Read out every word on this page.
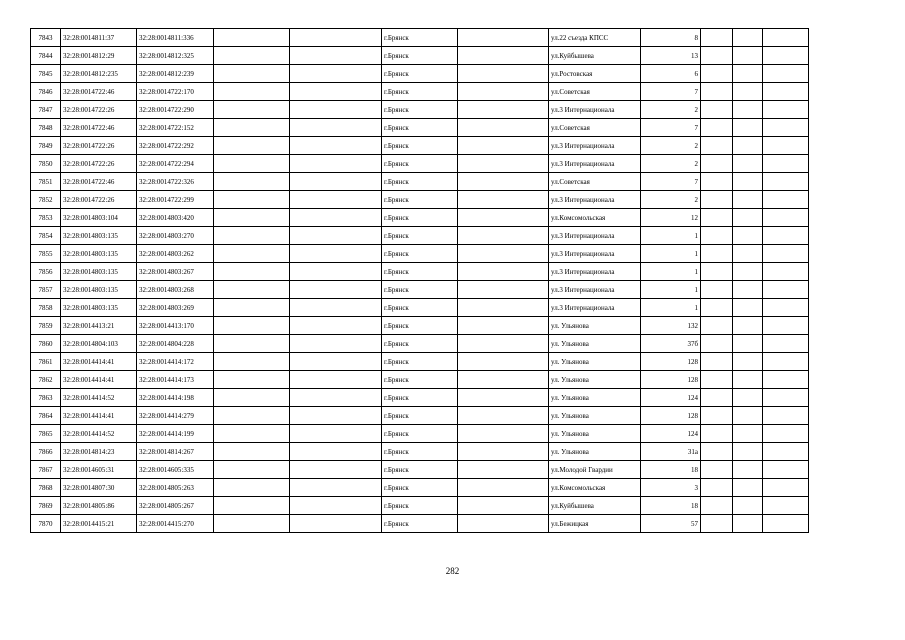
7843	32:28:0014811:37	32:28:0014811:336			г.Брянск		ул.22 съезда КПСС	8			
7844	32:28:0014812:29	32:28:0014812:325			г.Брянск		ул.Куйбышева	13			
7845	32:28:0014812:235	32:28:0014812:239			г.Брянск		ул.Ростовская	6			
7846	32:28:0014722:46	32:28:0014722:170			г.Брянск		ул.Советская	7			
7847	32:28:0014722:26	32:28:0014722:290			г.Брянск		ул.3 Интернационала	2			
7848	32:28:0014722:46	32:28:0014722:152			г.Брянск		ул.Советская	7			
7849	32:28:0014722:26	32:28:0014722:292			г.Брянск		ул.3 Интернационала	2			
7850	32:28:0014722:26	32:28:0014722:294			г.Брянск		ул.3 Интернационала	2			
7851	32:28:0014722:46	32:28:0014722:326			г.Брянск		ул.Советская	7			
7852	32:28:0014722:26	32:28:0014722:299			г.Брянск		ул.3 Интернационала	2			
7853	32:28:0014803:104	32:28:0014803:420			г.Брянск		ул.Комсомольская	12			
7854	32:28:0014803:135	32:28:0014803:270			г.Брянск		ул.3 Интернационала	1			
7855	32:28:0014803:135	32:28:0014803:262			г.Брянск		ул.3 Интернационала	1			
7856	32:28:0014803:135	32:28:0014803:267			г.Брянск		ул.3 Интернационала	1			
7857	32:28:0014803:135	32:28:0014803:268			г.Брянск		ул.3 Интернационала	1			
7858	32:28:0014803:135	32:28:0014803:269			г.Брянск		ул.3 Интернационала	1			
7859	32:28:0014413:21	32:28:0014413:170			г.Брянск		ул. Ульянова	132			
7860	32:28:0014804:103	32:28:0014804:228			г.Брянск		ул. Ульянова	37б			
7861	32:28:0014414:41	32:28:0014414:172			г.Брянск		ул. Ульянова	128			
7862	32:28:0014414:41	32:28:0014414:173			г.Брянск		ул. Ульянова	128			
7863	32:28:0014414:52	32:28:0014414:198			г.Брянск		ул. Ульянова	124			
7864	32:28:0014414:41	32:28:0014414:279			г.Брянск		ул. Ульянова	128			
7865	32:28:0014414:52	32:28:0014414:199			г.Брянск		ул. Ульянова	124			
7866	32:28:0014814:23	32:28:0014814:267			г.Брянск		ул. Ульянова	31а			
7867	32:28:0014605:31	32:28:0014605:335			г.Брянск		ул.Молодой Гвардии	18			
7868	32:28:0014807:30	32:28:0014805:263			г.Брянск		ул.Комсомольская	3			
7869	32:28:0014805:86	32:28:0014805:267			г.Брянск		ул.Куйбышева	18			
7870	32:28:0014415:21	32:28:0014415:270			г.Брянск		ул.Бежицкая	57			
282
